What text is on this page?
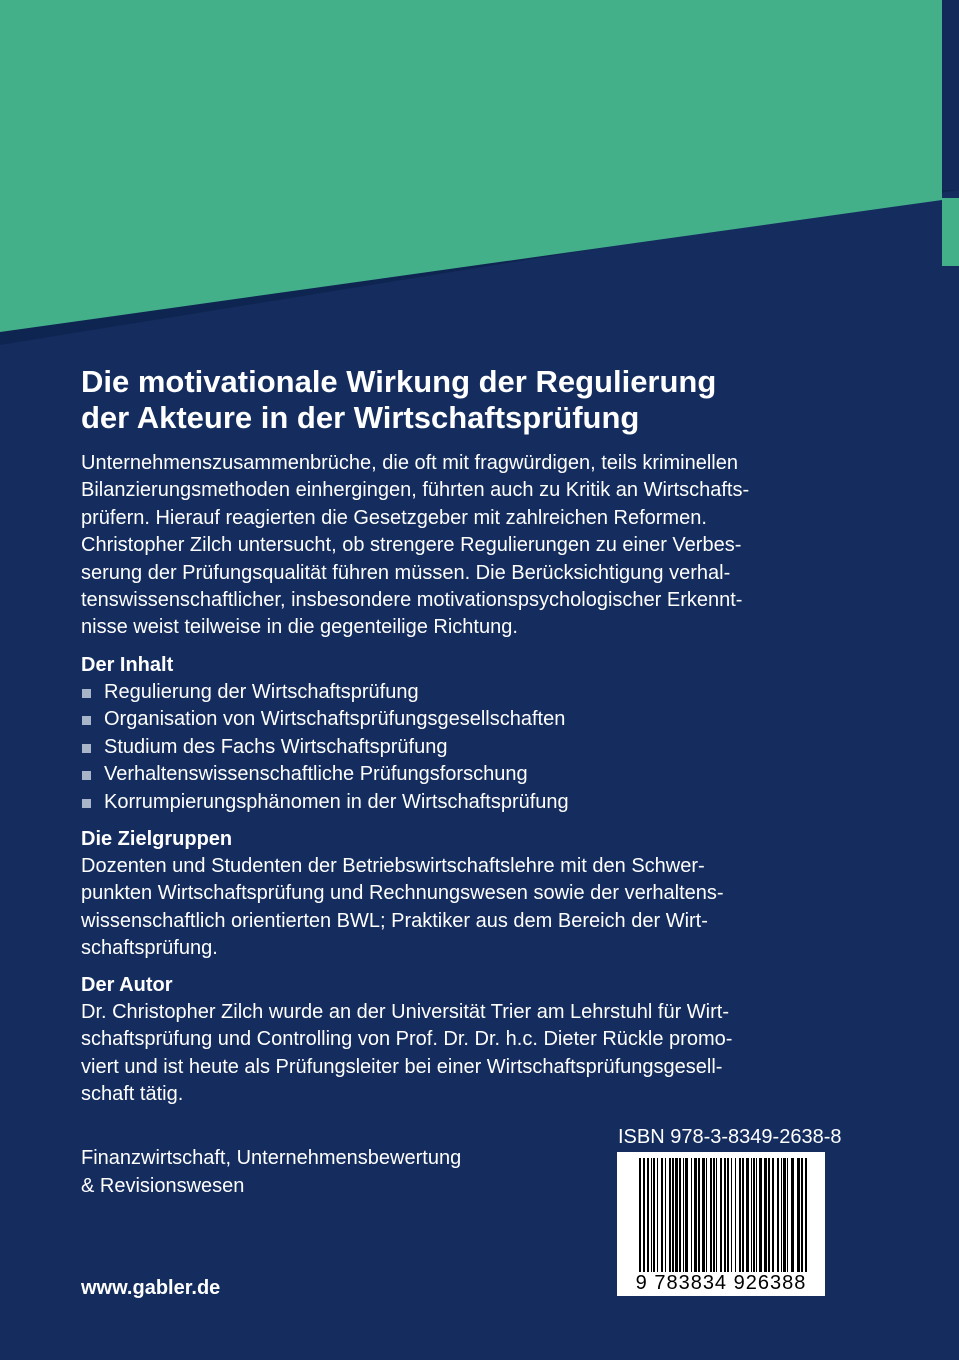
Die motivationale Wirkung der Regulierung
der Akteure in der Wirtschaftsprüfung

Unternehmenszusammenbrüche, die oft mit fragwürdigen, teils kriminellen
Bilanzierungsmethoden einhergingen, führten auch zu Kritik an Wirtschafts-
prüfern. Hierauf reagierten die Gesetzgeber mit zahlreichen Reformen.
Christopher Zilch untersucht, ob strengere Regulierungen zu einer Verbes-
serung der Prüfungsqualität führen müssen. Die Berücksichtigung verhal-
tenswissenschaftlicher, insbesondere motivationspsychologischer Erkennt-
nisse weist teilweise in die gegenteilige Richtung.

Der Inhalt
Regulierung der Wirtschaftsprüfung
Organisation von Wirtschaftsprüfungsgesellschaften
Studium des Fachs Wirtschaftsprüfung
Verhaltenswissenschaftliche Prüfungsforschung
Korrumpierungsphänomen in der Wirtschaftsprüfung
Die Zielgruppen

Dozenten und Studenten der Betriebswirtschaftslehre mit den Schwer-
punkten Wirtschaftsprüfung und Rechnungswesen sowie der verhaltens-
wissenschaftlich orientierten BWL; Praktiker aus dem Bereich der Wirt-
schaftsprüfung.

Der Autor

Dr. Christopher Zilch wurde an der Universität Trier am Lehrstuhl für Wirt-
schaftsprüfung und Controlling von Prof. Dr. Dr. h.c. Dieter Rückle promo-
viert und ist heute als Prüfungsleiter bei einer Wirtschaftsprüfungsgesell-
schaft tätig.

Finanzwirtschaft, Unternehmensbewertung
& Revisionswesen

www.gabler.de
ISBN 978-3-8349-2638-8
9 783834 926388
